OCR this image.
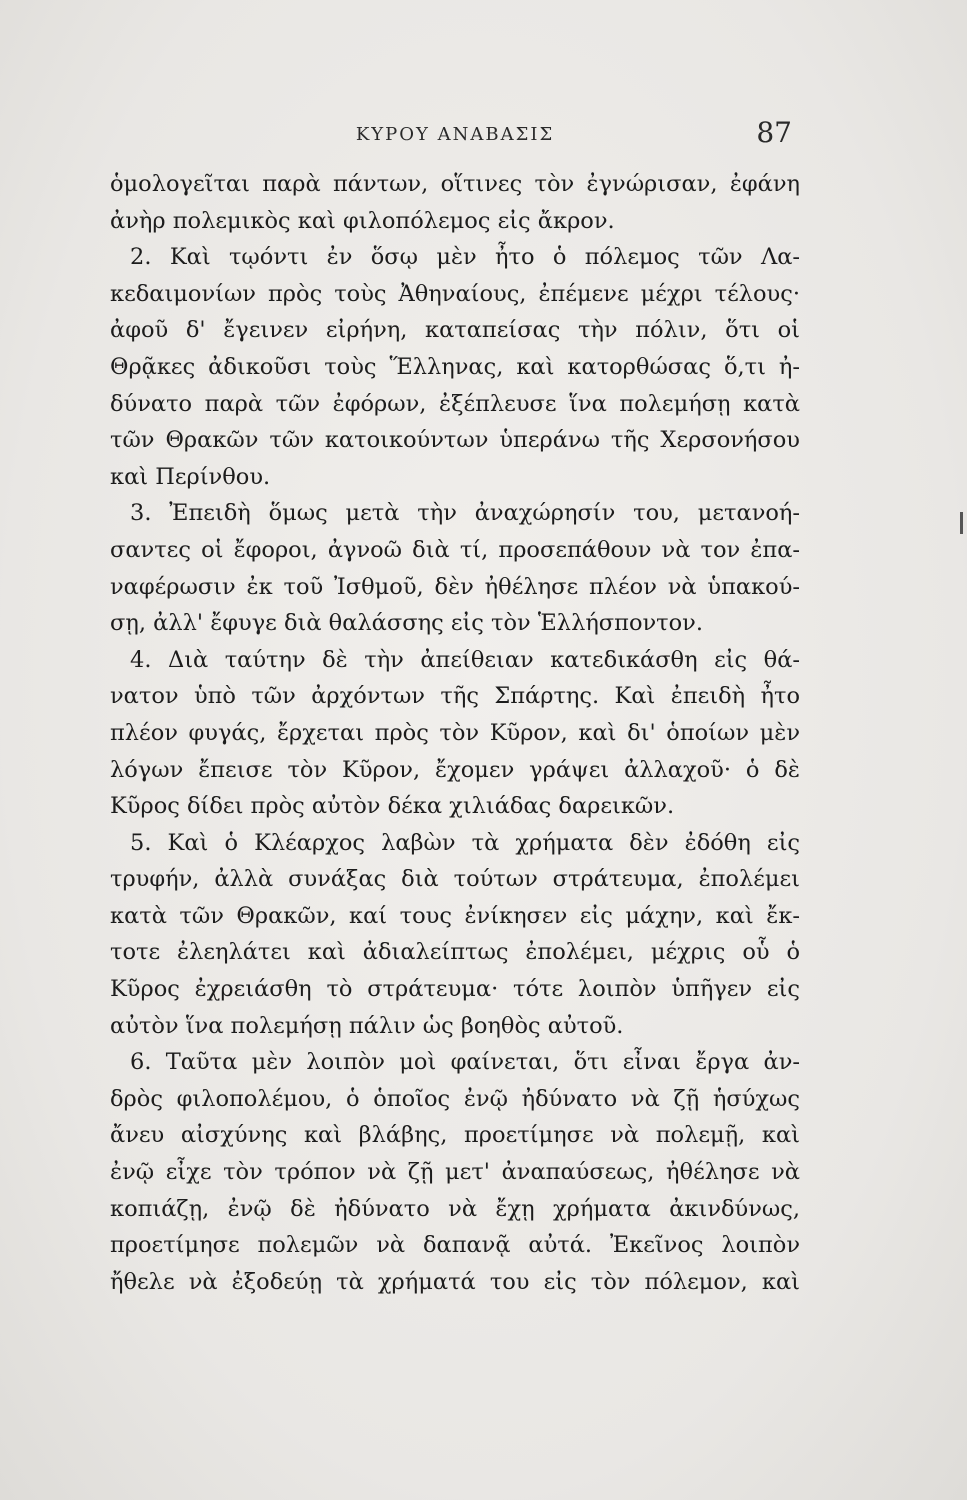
ΚΥΡΟΥ ΑΝΑΒΑΣΙΣ	87
ὁμολογεῖται παρὰ πάντων, οἵτινες τὸν ἐγνώρισαν, ἐφάνη
ἀνὴρ πολεμικὸς καὶ φιλοπόλεμος εἰς ἄκρον.
2. Καὶ τῳόντι ἐν ὅσῳ μὲν ἦτο ὁ πόλεμος τῶν Λα-
κεδαιμονίων πρὸς τοὺς Ἀθηναίους, ἐπέμενε μέχρι τέλους·
ἀφοῦ δ' ἔγεινεν εἰρήνη, καταπείσας τὴν πόλιν, ὅτι οἱ
Θρᾷκες ἀδικοῦσι τοὺς Ἕλληνας, καὶ κατορθώσας ὅ,τι ἠ-
δύνατο παρὰ τῶν ἐφόρων, ἐξέπλευσε ἵνα πολεμήσῃ κατὰ
τῶν Θρακῶν τῶν κατοικούντων ὑπεράνω τῆς Χερσονήσου
καὶ Περίνθου.
3. Ἐπειδὴ ὅμως μετὰ τὴν ἀναχώρησίν του, μετανοή-
σαντες οἱ ἔφοροι, ἀγνοῶ διὰ τί, προσεπάθουν νὰ τον ἐπα-
ναφέρωσιν ἐκ τοῦ Ἰσθμοῦ, δὲν ἠθέλησε πλέον νὰ ὑπακού-
σῃ, ἀλλ' ἔφυγε διὰ θαλάσσης εἰς τὸν Ἑλλήσποντον.
4. Διὰ ταύτην δὲ τὴν ἀπείθειαν κατεδικάσθη εἰς θά-
νατον ὑπὸ τῶν ἀρχόντων τῆς Σπάρτης. Καὶ ἐπειδὴ ἦτο
πλέον φυγάς, ἔρχεται πρὸς τὸν Κῦρον, καὶ δι' ὁποίων μὲν
λόγων ἔπεισε τὸν Κῦρον, ἔχομεν γράψει ἀλλαχοῦ· ὁ δὲ
Κῦρος δίδει πρὸς αὐτὸν δέκα χιλιάδας δαρεικῶν.
5. Καὶ ὁ Κλέαρχος λαβὼν τὰ χρήματα δὲν ἐδόθη εἰς
τρυφήν, ἀλλὰ συνάξας διὰ τούτων στράτευμα, ἐπολέμει
κατὰ τῶν Θρακῶν, καί τους ἐνίκησεν εἰς μάχην, καὶ ἔκ-
τοτε ἐλεηλάτει καὶ ἀδιαλείπτως ἐπολέμει, μέχρις οὗ ὁ
Κῦρος ἐχρειάσθη τὸ στράτευμα· τότε λοιπὸν ὑπῆγεν εἰς
αὐτὸν ἵνα πολεμήσῃ πάλιν ὡς βοηθὸς αὐτοῦ.
6. Ταῦτα μὲν λοιπὸν μοὶ φαίνεται, ὅτι εἶναι ἔργα ἀν-
δρὸς φιλοπολέμου, ὁ ὁποῖος ἐνῷ ἠδύνατο νὰ ζῇ ἡσύχως
ἄνευ αἰσχύνης καὶ βλάβης, προετίμησε νὰ πολεμῇ, καὶ
ἐνῷ εἶχε τὸν τρόπον νὰ ζῇ μετ' ἀναπαύσεως, ἠθέλησε νὰ
κοπιάζῃ, ἐνῷ δὲ ἠδύνατο νὰ ἔχῃ χρήματα ἀκινδύνως,
προετίμησε πολεμῶν νὰ δαπανᾷ αὐτά. Ἐκεῖνος λοιπὸν
ἤθελε νὰ ἐξοδεύῃ τὰ χρήματά του εἰς τὸν πόλεμον, καὶ
